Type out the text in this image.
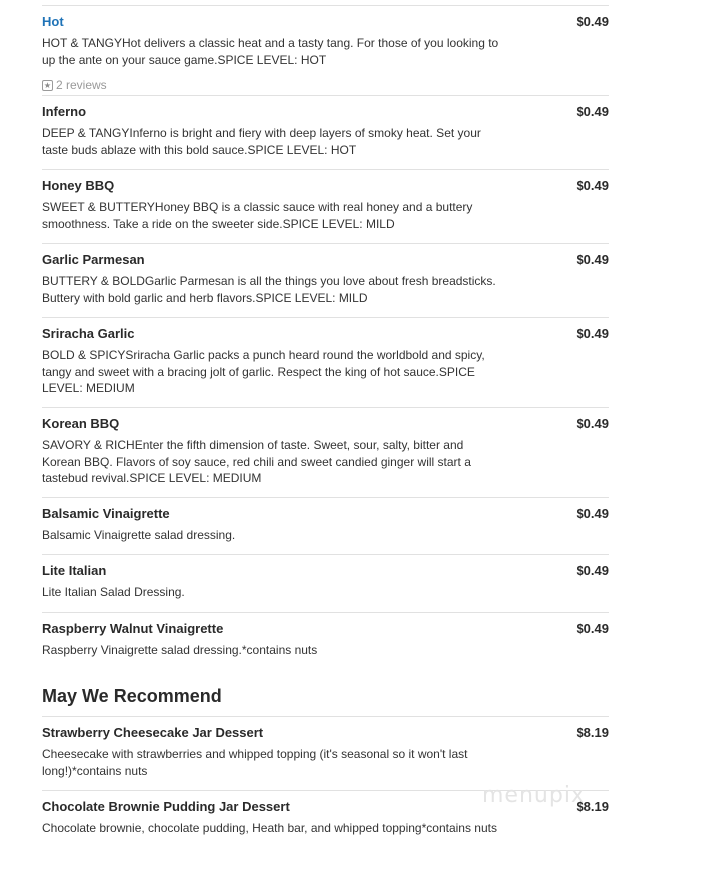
Hot	$0.49
HOT & TANGYHot delivers a classic heat and a tasty tang. For those of you looking to up the ante on your sauce game.SPICE LEVEL: HOT
★ 2 reviews
Inferno	$0.49
DEEP & TANGYInferno is bright and fiery with deep layers of smoky heat. Set your taste buds ablaze with this bold sauce.SPICE LEVEL: HOT
Honey BBQ	$0.49
SWEET & BUTTERYHoney BBQ is a classic sauce with real honey and a buttery smoothness. Take a ride on the sweeter side.SPICE LEVEL: MILD
Garlic Parmesan	$0.49
BUTTERY & BOLDGarlic Parmesan is all the things you love about fresh breadsticks. Buttery with bold garlic and herb flavors.SPICE LEVEL: MILD
Sriracha Garlic	$0.49
BOLD & SPICYSriracha Garlic packs a punch heard round the worldbold and spicy, tangy and sweet with a bracing jolt of garlic. Respect the king of hot sauce.SPICE LEVEL: MEDIUM
Korean BBQ	$0.49
SAVORY & RICHEnter the fifth dimension of taste. Sweet, sour, salty, bitter and Korean BBQ. Flavors of soy sauce, red chili and sweet candied ginger will start a tastebud revival.SPICE LEVEL: MEDIUM
Balsamic Vinaigrette	$0.49
Balsamic Vinaigrette salad dressing.
Lite Italian	$0.49
Lite Italian Salad Dressing.
Raspberry Walnut Vinaigrette	$0.49
Raspberry Vinaigrette salad dressing.*contains nuts
Strawberry Cheesecake Jar Dessert	$8.19
Cheesecake with strawberries and whipped topping (it's seasonal so it won't last long!)*contains nuts
Chocolate Brownie Pudding Jar Dessert	$8.19
Chocolate brownie, chocolate pudding, Heath bar, and whipped topping*contains nuts
May We Recommend
menupix
